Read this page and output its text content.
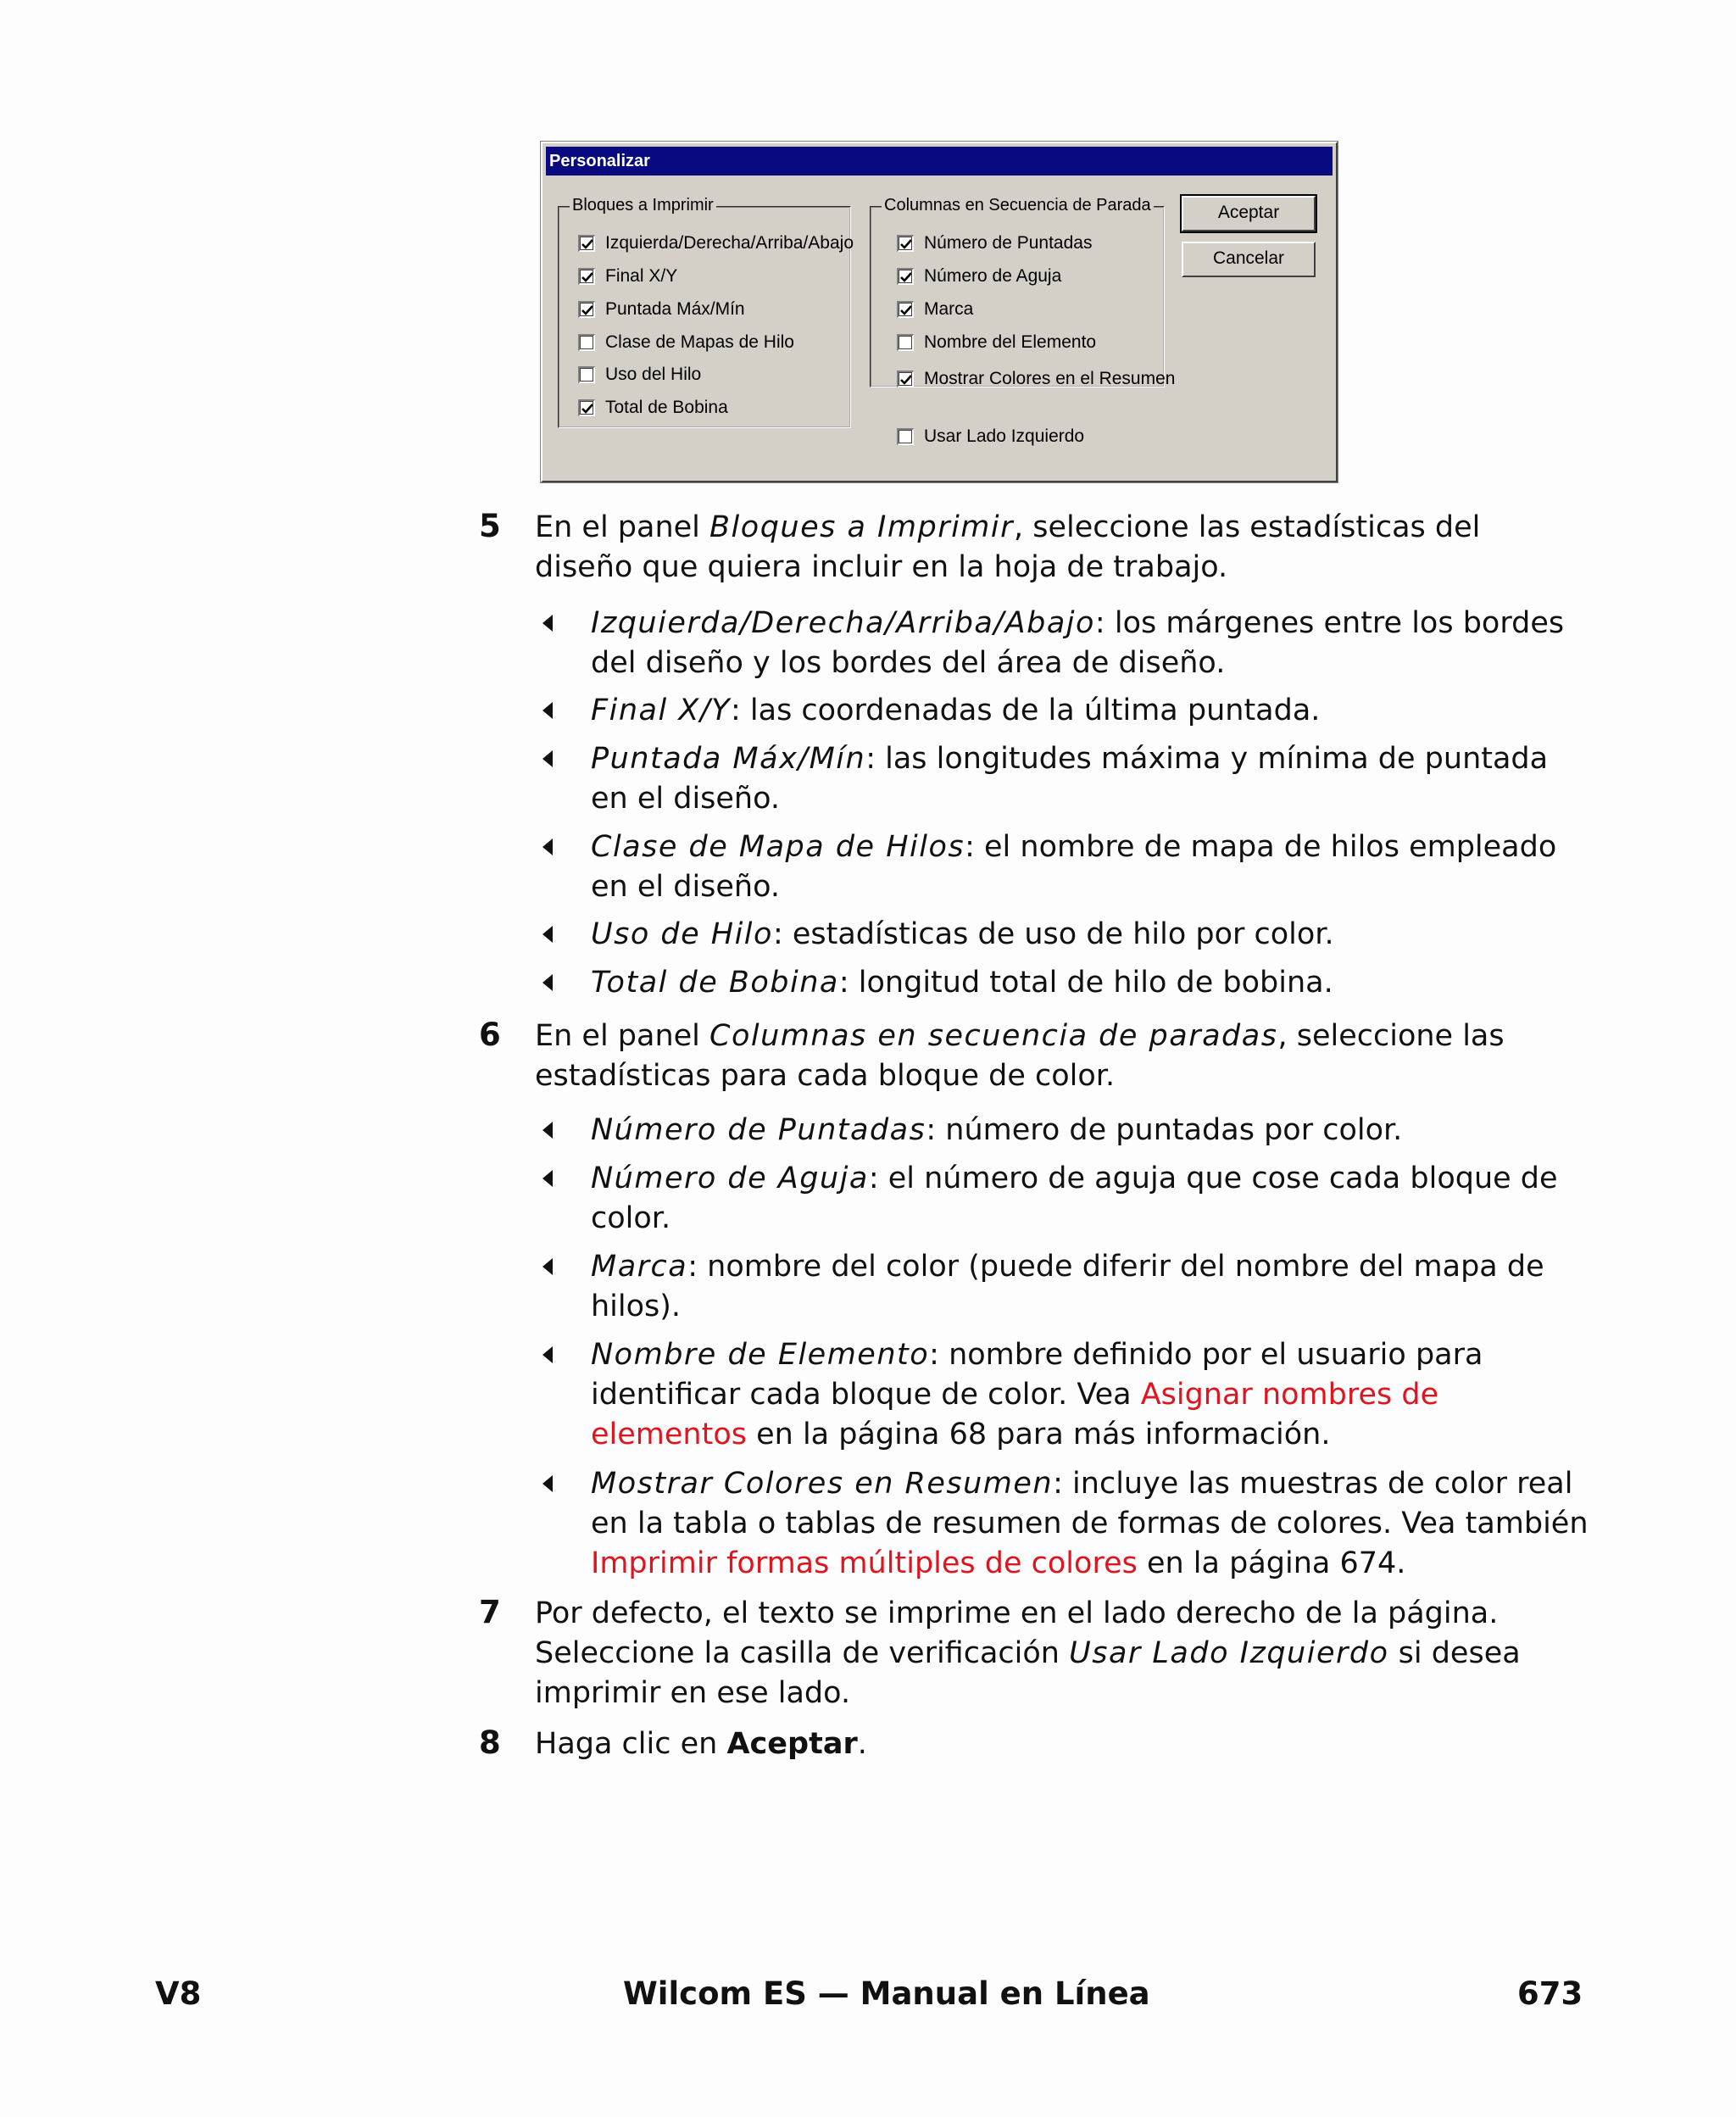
Personalizar
Bloques a Imprimir
Izquierda/Derecha/Arriba/Abajo
Final X/Y
Puntada Máx/Mín
Clase de Mapas de Hilo
Uso del Hilo
Total de Bobina
Columnas en Secuencia de Parada
Número de Puntadas
Número de Aguja
Marca
Nombre del Elemento
Mostrar Colores en el Resumen
Usar Lado Izquierdo
Aceptar
Cancelar
5 En el panel Bloques a Imprimir, seleccione las estadísticas del diseño que quiera incluir en la hoja de trabajo.
Izquierda/Derecha/Arriba/Abajo: los márgenes entre los bordes del diseño y los bordes del área de diseño.
Final X/Y: las coordenadas de la última puntada.
Puntada Máx/Mín: las longitudes máxima y mínima de puntada en el diseño.
Clase de Mapa de Hilos: el nombre de mapa de hilos empleado en el diseño.
Uso de Hilo: estadísticas de uso de hilo por color.
Total de Bobina: longitud total de hilo de bobina.
6 En el panel Columnas en secuencia de paradas, seleccione las estadísticas para cada bloque de color.
Número de Puntadas: número de puntadas por color.
Número de Aguja: el número de aguja que cose cada bloque de color.
Marca: nombre del color (puede diferir del nombre del mapa de hilos).
Nombre de Elemento: nombre definido por el usuario para identificar cada bloque de color. Vea Asignar nombres de elementos en la página 68 para más información.
Mostrar Colores en Resumen: incluye las muestras de color real en la tabla o tablas de resumen de formas de colores. Vea también Imprimir formas múltiples de colores en la página 674.
7 Por defecto, el texto se imprime en el lado derecho de la página. Seleccione la casilla de verificación Usar Lado Izquierdo si desea imprimir en ese lado.
8 Haga clic en Aceptar.
V8	Wilcom ES — Manual en Línea	673
